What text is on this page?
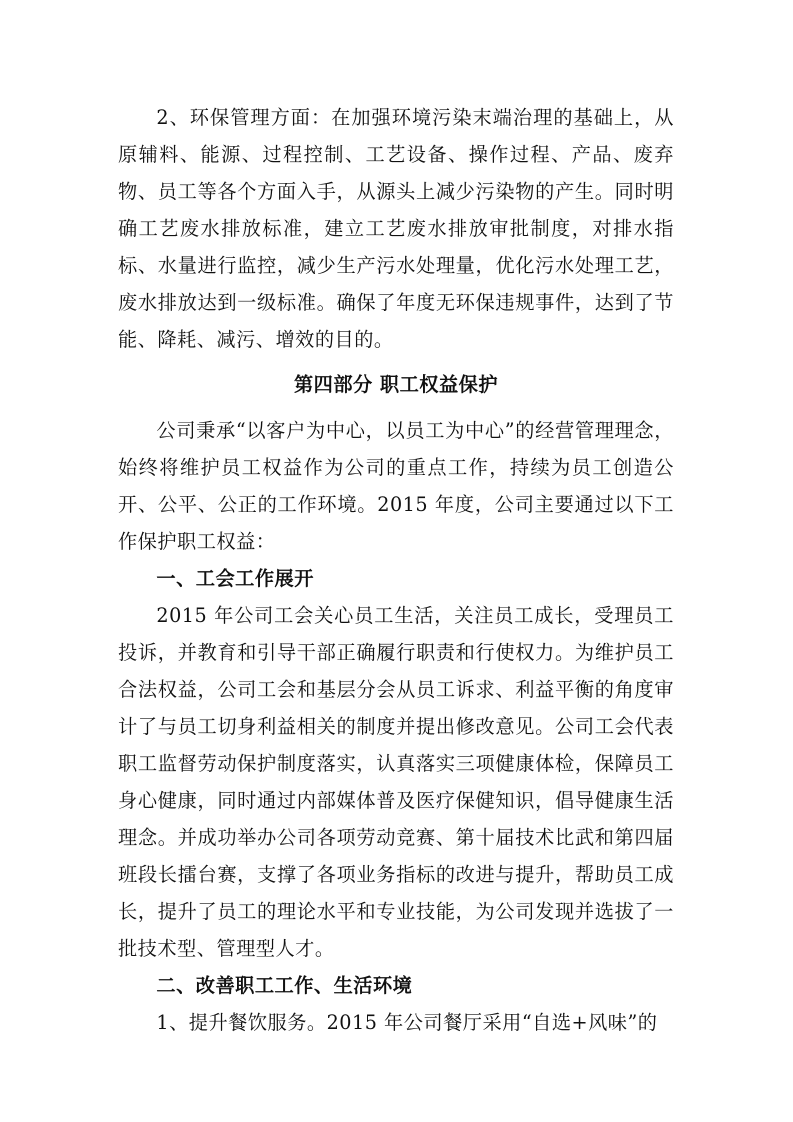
2、环保管理方面：在加强环境污染末端治理的基础上，从原辅料、能源、过程控制、工艺设备、操作过程、产品、废弃物、员工等各个方面入手，从源头上减少污染物的产生。同时明确工艺废水排放标准，建立工艺废水排放审批制度，对排水指标、水量进行监控，减少生产污水处理量，优化污水处理工艺，废水排放达到一级标准。确保了年度无环保违规事件，达到了节能、降耗、减污、增效的目的。

第四部分 职工权益保护

公司秉承“以客户为中心，以员工为中心”的经营管理理念，始终将维护员工权益作为公司的重点工作，持续为员工创造公开、公平、公正的工作环境。2015 年度，公司主要通过以下工作保护职工权益：

一、工会工作展开

2015 年公司工会关心员工生活，关注员工成长，受理员工投诉，并教育和引导干部正确履行职责和行使权力。为维护员工合法权益，公司工会和基层分会从员工诉求、利益平衡的角度审计了与员工切身利益相关的制度并提出修改意见。公司工会代表职工监督劳动保护制度落实，认真落实三项健康体检，保障员工身心健康，同时通过内部媒体普及医疗保健知识，倡导健康生活理念。并成功举办公司各项劳动竞赛、第十届技术比武和第四届班段长擂台赛，支撑了各项业务指标的改进与提升，帮助员工成长，提升了员工的理论水平和专业技能，为公司发现并选拔了一批技术型、管理型人才。

二、改善职工工作、生活环境

1、提升餐饮服务。2015 年公司餐厅采用“自选+风味”的
